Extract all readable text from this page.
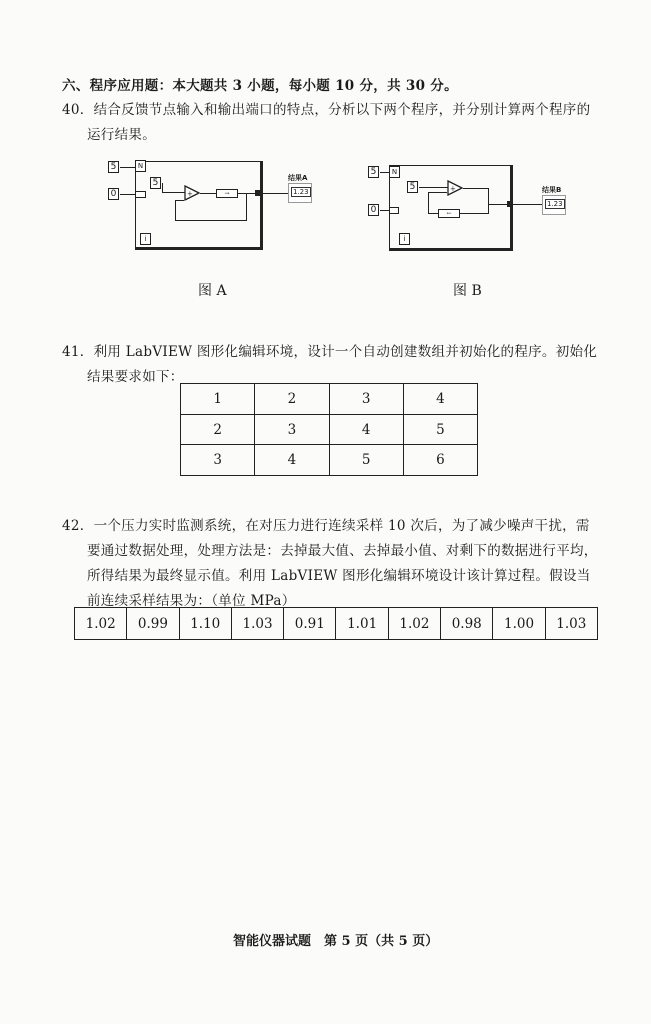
六、程序应用题：本大题共 3 小题，每小题 10 分，共 30 分。
40．结合反馈节点输入和输出端口的特点，分析以下两个程序，并分别计算两个程序的
运行结果。
5	N
0
5
+	→
i
结果A
1.23
图 A
5	N
0
5	+
←
i
结果B
1.23
图 B
41．利用 LabVIEW 图形化编辑环境，设计一个自动创建数组并初始化的程序。初始化
结果要求如下：
1	2	3	4
2	3	4	5
3	4	5	6
42．一个压力实时监测系统，在对压力进行连续采样 10 次后，为了减少噪声干扰，需
要通过数据处理，处理方法是：去掉最大值、去掉最小值、对剩下的数据进行平均，
所得结果为最终显示值。利用 LabVIEW 图形化编辑环境设计该计算过程。假设当
前连续采样结果为：（单位 MPa）
1.02	0.99	1.10	1.03	0.91	1.01	1.02	0.98	1.00	1.03
智能仪器试题　第 5 页（共 5 页）
